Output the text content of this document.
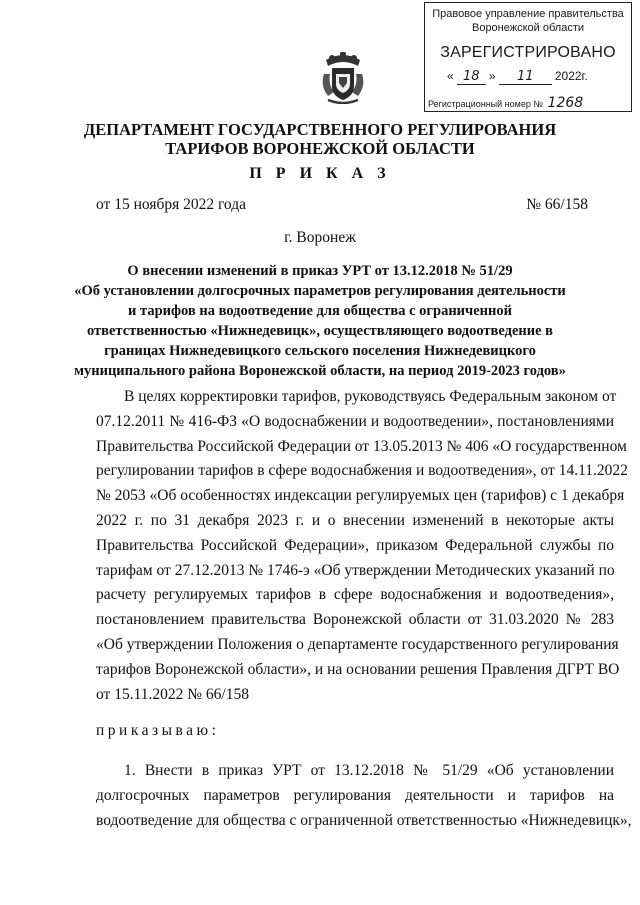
Правовое управление правительства
Воронежской области
ЗАРЕГИСТРИРОВАНО
« 18 » 11 2022г.
Регистрационный номер № 1268
ДЕПАРТАМЕНТ ГОСУДАРСТВЕННОГО РЕГУЛИРОВАНИЯ
ТАРИФОВ ВОРОНЕЖСКОЙ ОБЛАСТИ
П Р И К А З
от 15 ноября 2022 года	№ 66/158
г. Воронеж
О внесении изменений в приказ УРТ от 13.12.2018 № 51/29
«Об установлении долгосрочных параметров регулирования деятельности
и тарифов на водоотведение для общества с ограниченной
ответственностью «Нижнедевицк», осуществляющего водоотведение в
границах Нижнедевицкого сельского поселения Нижнедевицкого
муниципального района Воронежской области, на период 2019-2023 годов»
В целях корректировки тарифов, руководствуясь Федеральным законом от
07.12.2011 № 416-ФЗ «О водоснабжении и водоотведении», постановлениями
Правительства Российской Федерации от 13.05.2013 № 406 «О государственном
регулировании тарифов в сфере водоснабжения и водоотведения», от 14.11.2022
№ 2053 «Об особенностях индексации регулируемых цен (тарифов) с 1 декабря
2022 г. по 31 декабря 2023 г. и о внесении изменений в некоторые акты
Правительства Российской Федерации», приказом Федеральной службы по
тарифам от 27.12.2013 № 1746-э «Об утверждении Методических указаний по
расчету регулируемых тарифов в сфере водоснабжения и водоотведения»,
постановлением правительства Воронежской области от 31.03.2020 № 283
«Об утверждении Положения о департаменте государственного регулирования
тарифов Воронежской области», и на основании решения Правления ДГРТ ВО
от 15.11.2022 № 66/158
приказываю:
1. Внести в приказ УРТ от 13.12.2018 № 51/29 «Об установлении
долгосрочных параметров регулирования деятельности и тарифов на
водоотведение для общества с ограниченной ответственностью «Нижнедевицк»,
